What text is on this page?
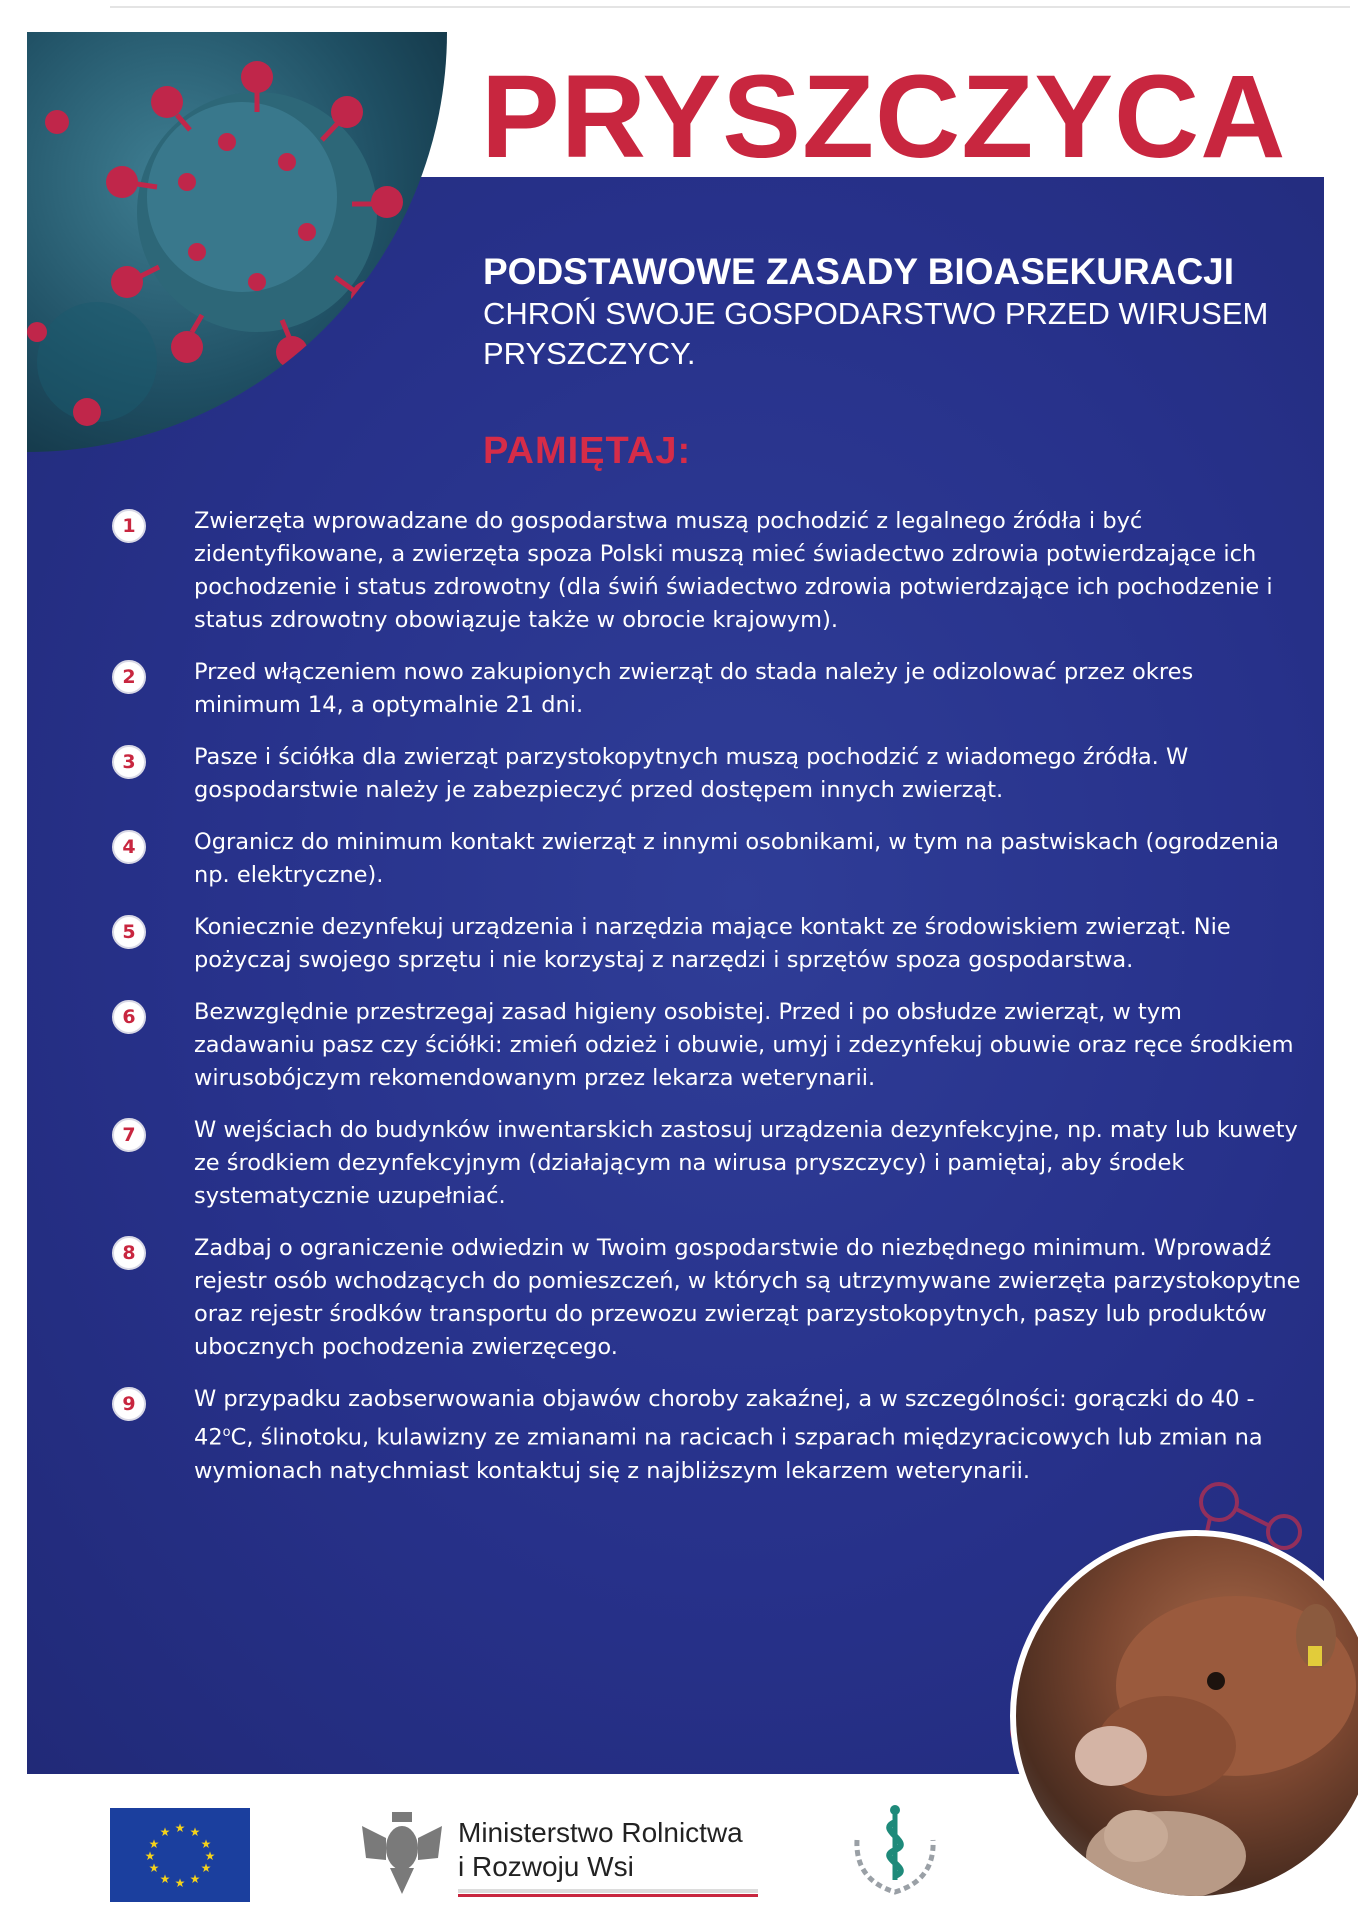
PRYSZCZYCA
PODSTAWOWE ZASADY BIOASEKURACJI
CHROŃ SWOJE GOSPODARSTWO PRZED WIRUSEM PRYSZCZYCY.
PAMIĘTAJ:
1	Zwierzęta wprowadzane do gospodarstwa muszą pochodzić z legalnego źródła i być zidentyfikowane, a zwierzęta spoza Polski muszą mieć świadectwo zdrowia potwierdzające ich pochodzenie i status zdrowotny (dla świń świadectwo zdrowia potwierdzające ich pochodzenie i status zdrowotny obowiązuje także w obrocie krajowym).
2	Przed włączeniem nowo zakupionych zwierząt do stada należy je odizolować przez okres minimum 14, a optymalnie 21 dni.
3	Pasze i ściółka dla zwierząt parzystokopytnych muszą pochodzić z wiadomego źródła. W gospodarstwie należy je zabezpieczyć przed dostępem innych zwierząt.
4	Ogranicz do minimum kontakt zwierząt z innymi osobnikami, w tym na pastwiskach (ogrodzenia np. elektryczne).
5	Koniecznie dezynfekuj urządzenia i narzędzia mające kontakt ze środowiskiem zwierząt. Nie pożyczaj swojego sprzętu i nie korzystaj z narzędzi i sprzętów spoza gospodarstwa.
6	Bezwzględnie przestrzegaj zasad higieny osobistej. Przed i po obsłudze zwierząt, w tym zadawaniu pasz czy ściółki: zmień odzież i obuwie, umyj i zdezynfekuj obuwie oraz ręce środkiem wirusobójczym rekomendowanym przez lekarza weterynarii.
7	W wejściach do budynków inwentarskich zastosuj urządzenia dezynfekcyjne, np. maty lub kuwety ze środkiem dezynfekcyjnym (działającym na wirusa pryszczycy) i pamiętaj, aby środek systematycznie uzupełniać.
8	Zadbaj o ograniczenie odwiedzin w Twoim gospodarstwie do niezbędnego minimum. Wprowadź rejestr osób wchodzących do pomieszczeń, w których są utrzymywane zwierzęta parzystokopytne oraz rejestr środków transportu do przewozu zwierząt parzystokopytnych, paszy lub produktów ubocznych pochodzenia zwierzęcego.
9	W przypadku zaobserwowania objawów choroby zakaźnej, a w szczególności: gorączki do 40 - 42$^o$C, ślinotoku, kulawizny ze zmianami na racicach i szparach międzyracicowych lub zmian na wymionach natychmiast kontaktuj się z najbliższym lekarzem weterynarii.
★ ★
★
★
★
★
★
★
★
★
★
★	Ministerstwo Rolnictwa
i Rozwoju Wsi
